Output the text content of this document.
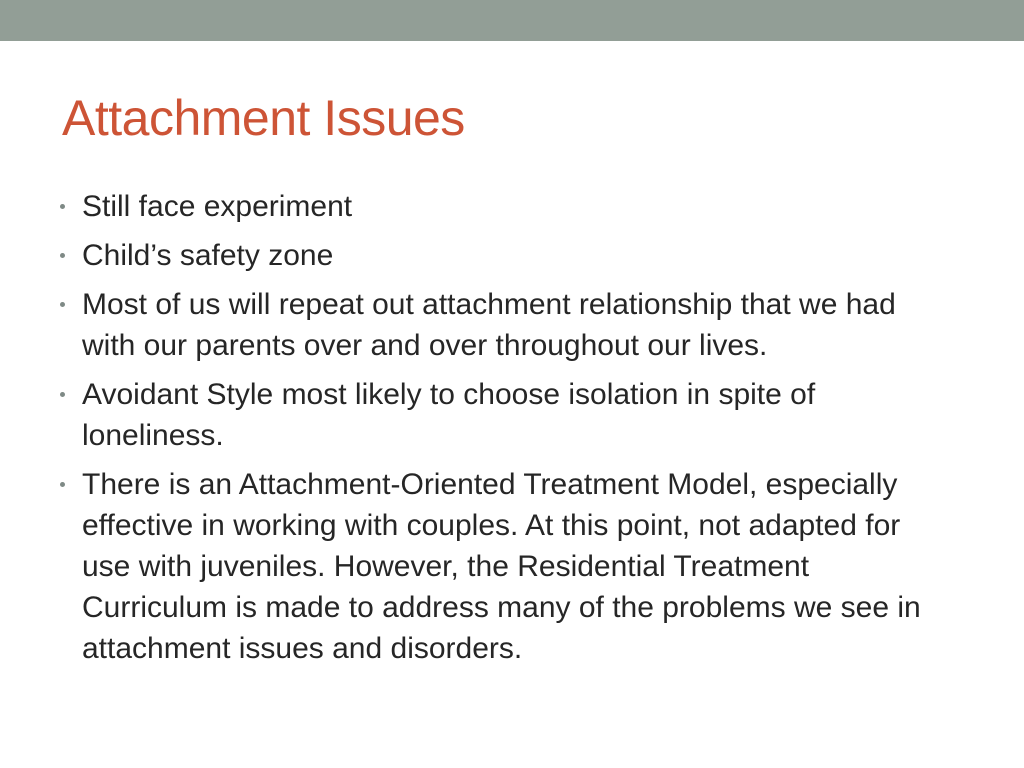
Attachment Issues
Still face experiment
Child’s safety zone
Most of us will repeat out attachment relationship that we had with our parents over and over throughout our lives.
Avoidant Style most likely to choose isolation in spite of loneliness.
There is an Attachment-Oriented Treatment Model, especially effective in working with couples. At this point, not adapted for use with juveniles. However, the Residential Treatment Curriculum is made to address many of the problems we see in attachment issues and disorders.
